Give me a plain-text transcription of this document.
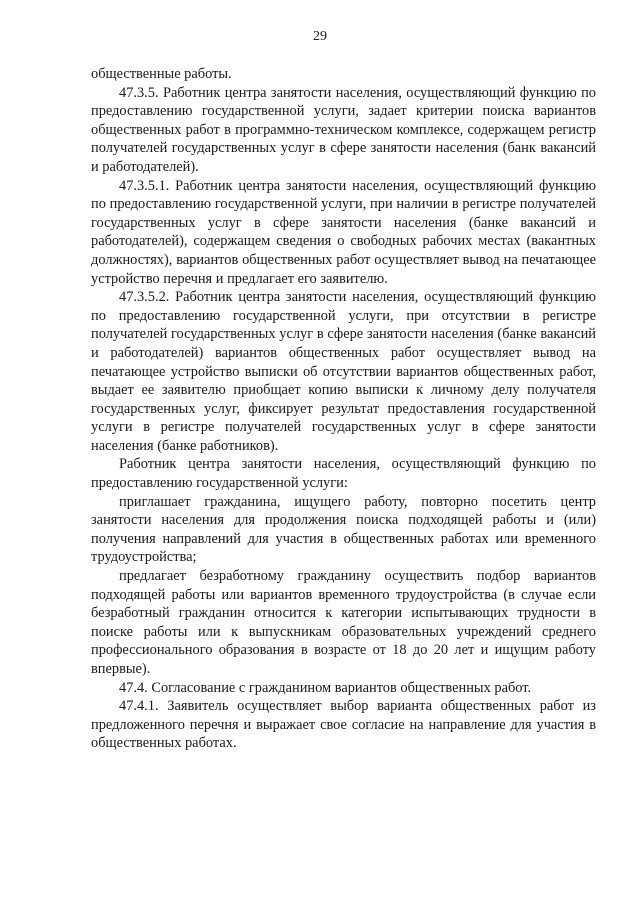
29

общественные работы.

47.3.5. Работник центра занятости населения, осуществляющий функцию по предоставлению государственной услуги, задает критерии поиска вариантов общественных работ в программно-техническом комплексе, содержащем регистр получателей государственных услуг в сфере занятости населения (банк вакансий и работодателей).

47.3.5.1. Работник центра занятости населения, осуществляющий функцию по предоставлению государственной услуги, при наличии в регистре получателей государственных услуг в сфере занятости населения (банке вакансий и работодателей), содержащем сведения о свободных рабочих местах (вакантных должностях), вариантов общественных работ осуществляет вывод на печатающее устройство перечня и предлагает его заявителю.

47.3.5.2. Работник центра занятости населения, осуществляющий функцию по предоставлению государственной услуги, при отсутствии в регистре получателей государственных услуг в сфере занятости населения (банке вакансий и работодателей) вариантов общественных работ осуществляет вывод на печатающее устройство выписки об отсутствии вариантов общественных работ, выдает ее заявителю приобщает копию выписки к личному делу получателя государственных услуг, фиксирует результат предоставления государственной услуги в регистре получателей государственных услуг в сфере занятости населения (банке работников).

Работник центра занятости населения, осуществляющий функцию по предоставлению государственной услуги:

приглашает гражданина, ищущего работу, повторно посетить центр занятости населения для продолжения поиска подходящей работы и (или) получения направлений для участия в общественных работах или временного трудоустройства;

предлагает безработному гражданину осуществить подбор вариантов подходящей работы или вариантов временного трудоустройства (в случае если безработный гражданин относится к категории испытывающих трудности в поиске работы или к выпускникам образовательных учреждений среднего профессионального образования в возрасте от 18 до 20 лет и ищущим работу впервые).

47.4. Согласование с гражданином вариантов общественных работ.

47.4.1. Заявитель осуществляет выбор варианта общественных работ из предложенного перечня и выражает свое согласие на направление для участия в общественных работах.
